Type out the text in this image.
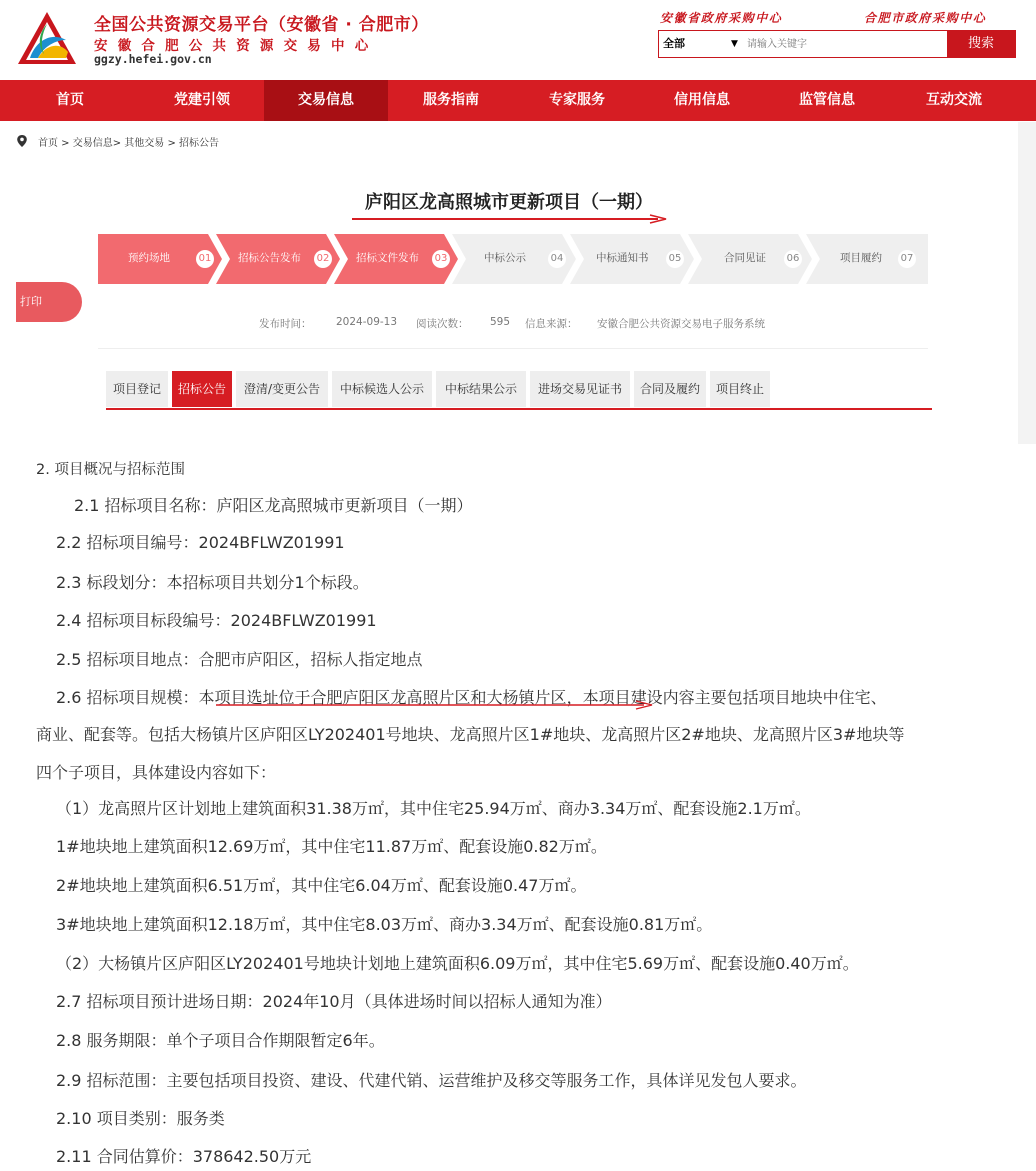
全国公共资源交易平台（安徽省 · 合肥市）
安徽合肥公共资源交易中心
ggzy.hefei.gov.cn
安徽省政府采购中心	合肥市政府采购中心
全部	▼
请输入关键字	搜索
首页	党建引领	交易信息	服务指南	专家服务	信用信息	监管信息	互动交流
首页 > 交易信息> 其他交易 > 招标公告
庐阳区龙高照城市更新项目（一期）
预约场地	01	招标公告发布 02	招标文件发布 03	中标公示 04	中标通知书 05	合同见证 06	项目履约 07
打印
发布时间： 2024-09-13 阅读次数： 595 信息来源： 安徽合肥公共资源交易电子服务系统
项目登记	招标公告	澄清/变更公告	中标候选人公示	中标结果公示	进场交易见证书	合同及履约	项目终止
2. 项目概况与招标范围
2.1 招标项目名称：庐阳区龙高照城市更新项目（一期）
2.2 招标项目编号：2024BFLWZ01991
2.3 标段划分：本招标项目共划分1个标段。
2.4 招标项目标段编号：2024BFLWZ01991
2.5 招标项目地点：合肥市庐阳区，招标人指定地点
2.6 招标项目规模：本项目选址位于合肥庐阳区龙高照片区和大杨镇片区，本项目建设内容主要包括项目地块中住宅、
商业、配套等。包括大杨镇片区庐阳区LY202401号地块、龙高照片区1#地块、龙高照片区2#地块、龙高照片区3#地块等
四个子项目，具体建设内容如下：
（1）龙高照片区计划地上建筑面积31.38万㎡，其中住宅25.94万㎡、商办3.34万㎡、配套设施2.1万㎡。
1#地块地上建筑面积12.69万㎡，其中住宅11.87万㎡、配套设施0.82万㎡。
2#地块地上建筑面积6.51万㎡，其中住宅6.04万㎡、配套设施0.47万㎡。
3#地块地上建筑面积12.18万㎡，其中住宅8.03万㎡、商办3.34万㎡、配套设施0.81万㎡。
（2）大杨镇片区庐阳区LY202401号地块计划地上建筑面积6.09万㎡，其中住宅5.69万㎡、配套设施0.40万㎡。
2.7 招标项目预计进场日期：2024年10月（具体进场时间以招标人通知为准）
2.8 服务期限：单个子项目合作期限暂定6年。
2.9 招标范围：主要包括项目投资、建设、代建代销、运营维护及移交等服务工作，具体详见发包人要求。
2.10 项目类别：服务类
2.11 合同估算价：378642.50万元
